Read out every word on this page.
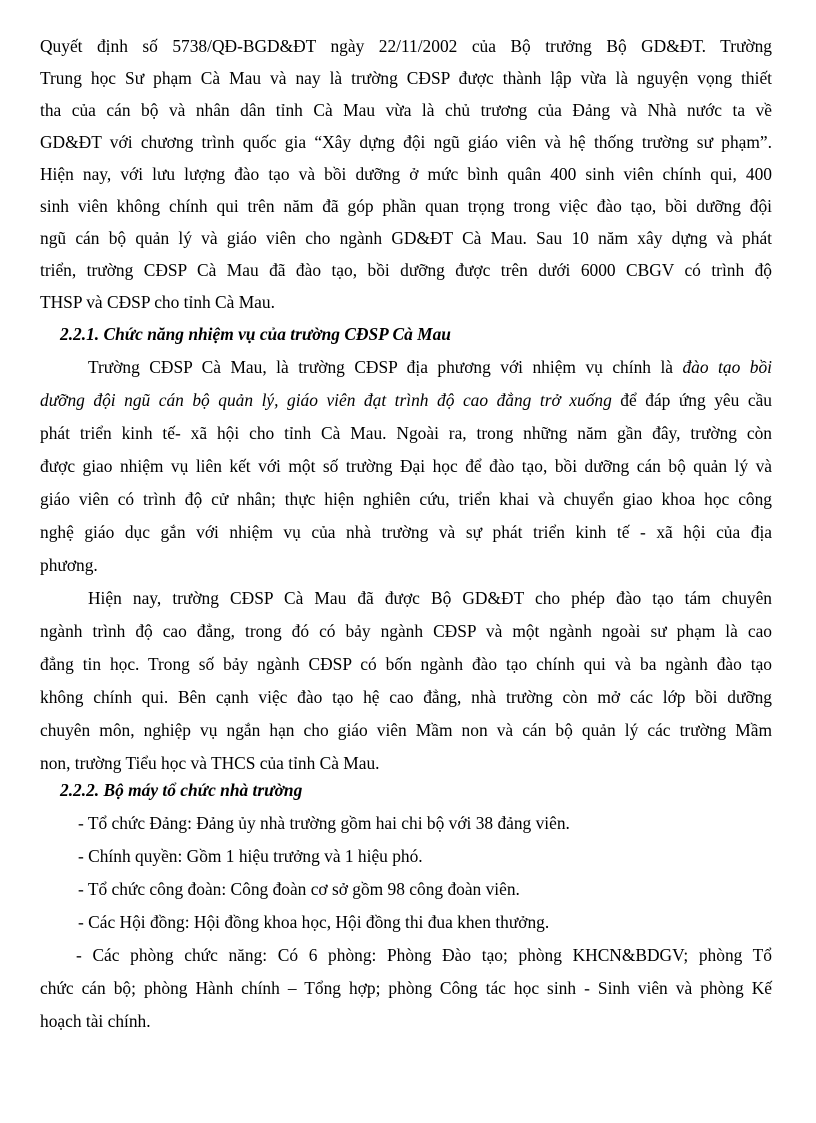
Quyết định số 5738/QĐ-BGD&ĐT ngày 22/11/2002 của Bộ trưởng Bộ GD&ĐT. Trường
Trung học Sư phạm Cà Mau và nay là trường CĐSP được thành lập vừa là nguyện vọng thiết
tha của cán bộ và nhân dân tỉnh Cà Mau vừa là chủ trương của Đảng và Nhà nước ta về
GD&ĐT với chương trình quốc gia “Xây dựng đội ngũ giáo viên và hệ thống trường sư phạm”.
Hiện nay, với lưu lượng đào tạo và bồi dưỡng ở mức bình quân 400 sinh viên chính qui, 400
sinh viên không chính qui trên năm đã góp phần quan trọng trong việc đào tạo, bồi dưỡng đội
ngũ cán bộ quản lý và giáo viên cho ngành GD&ĐT Cà Mau. Sau 10 năm xây dựng và phát
triển, trường CĐSP Cà Mau đã đào tạo, bồi dưỡng được trên dưới 6000 CBGV có trình độ
THSP và CĐSP cho tỉnh Cà Mau.
2.2.1. Chức năng nhiệm vụ của trường CĐSP Cà Mau
Trường CĐSP Cà Mau, là trường CĐSP địa phương với nhiệm vụ chính là đào tạo bồi
dưỡng đội ngũ cán bộ quản lý, giáo viên đạt trình độ cao đẳng trở xuống để đáp ứng yêu cầu
phát triển kinh tế- xã hội cho tỉnh Cà Mau. Ngoài ra, trong những năm gần đây, trường còn
được giao nhiệm vụ liên kết với một số trường Đại học để đào tạo, bồi dưỡng cán bộ quản lý và
giáo viên có trình độ cử nhân; thực hiện nghiên cứu, triển khai và chuyển giao khoa học công
nghệ giáo dục gắn với nhiệm vụ của nhà trường và sự phát triển kinh tế - xã hội của địa
phương.
Hiện nay, trường CĐSP Cà Mau đã được Bộ GD&ĐT cho phép đào tạo tám chuyên
ngành trình độ cao đẳng, trong đó có bảy ngành CĐSP và một ngành ngoài sư phạm là cao
đẳng tin học. Trong số bảy ngành CĐSP có bốn ngành đào tạo chính qui và ba ngành đào tạo
không chính qui. Bên cạnh việc đào tạo hệ cao đẳng, nhà trường còn mở các lớp bồi dưỡng
chuyên môn, nghiệp vụ ngắn hạn cho giáo viên Mầm non và cán bộ quản lý các trường Mầm
non, trường Tiểu học và THCS của tỉnh Cà Mau.
2.2.2. Bộ máy tổ chức nhà trường
- Tổ chức Đảng: Đảng ủy nhà trường gồm hai chi bộ với 38 đảng viên.
- Chính quyền: Gồm 1 hiệu trưởng và 1 hiệu phó.
- Tổ chức công đoàn: Công đoàn cơ sở gồm 98 công đoàn viên.
- Các Hội đồng: Hội đồng khoa học, Hội đồng thi đua khen thưởng.
- Các phòng chức năng: Có 6 phòng: Phòng Đào tạo; phòng KHCN&BDGV; phòng Tổ
chức cán bộ; phòng Hành chính – Tổng hợp; phòng Công tác học sinh - Sinh viên và phòng Kế
hoạch tài chính.
